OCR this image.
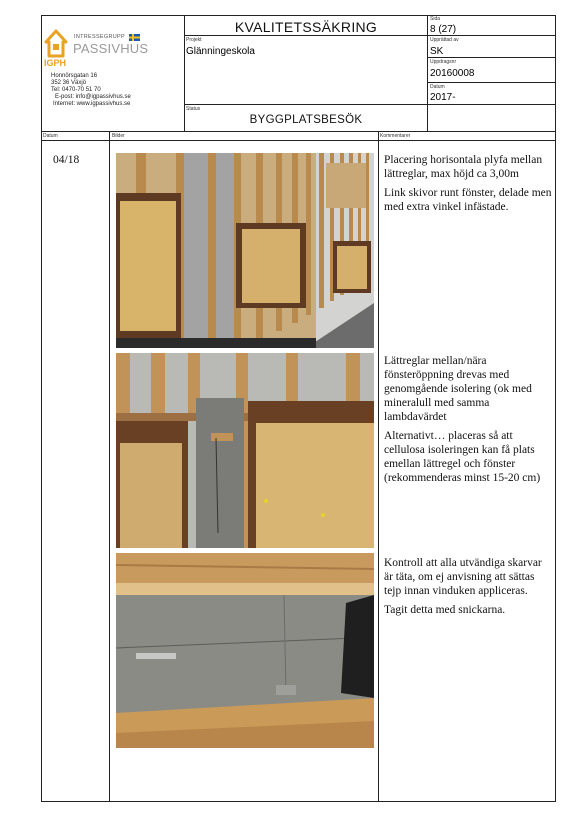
INTRESSEGRUPP
PASSIVHUS
IGPH
Honnörsgatan 16
352 36 Växjö
Tel: 0470-70 51 70
E-post: info@igpassivhus.se
Internet: www.igpassivhus.se
KVALITETSSÄKRING
Projekt
Glänningeskola
Status
BYGGPLATSBESÖK
Sida
8 (27)
Upprättad av
SK
Uppdragsnr
20160008
Datum
2017-
Datum	Bilder	Kommentarer
04/18	Placering horisontala plyfa mellan lättreglar, max höjd ca 3,00m

Link skivor runt fönster, delade men med extra vinkel infästade.

Lättreglar mellan/nära fönsteröppning drevas med genomgående isolering (ok med mineralull med samma lambdavärdet

Alternativt… placeras så att cellulosa isoleringen kan få plats emellan lättregel och fönster (rekommenderas minst 15-20 cm)

Kontroll att alla utvändiga skarvar är täta, om ej anvisning att sättas tejp innan vinduken appliceras.

Tagit detta med snickarna.
